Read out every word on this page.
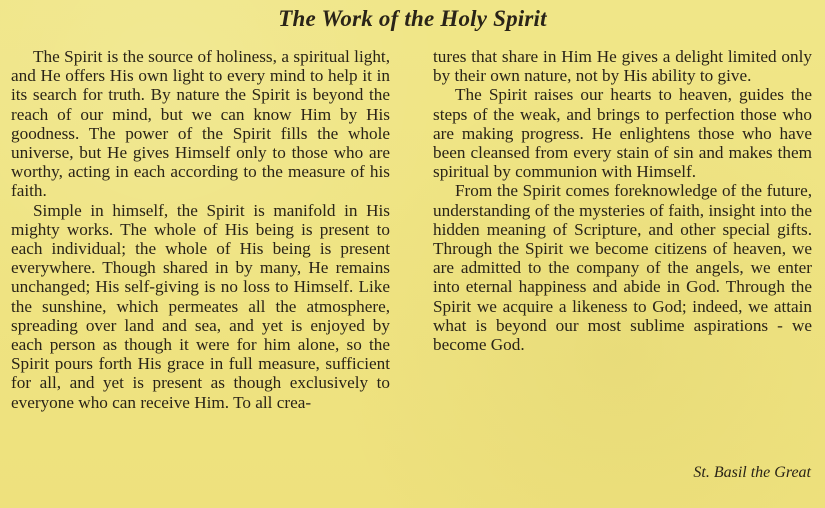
The Work of the Holy Spirit

The Spirit is the source of holiness, a spiritual light, and He offers His own light to every mind to help it in its search for truth. By nature the Spirit is beyond the reach of our mind, but we can know Him by His goodness. The power of the Spirit fills the whole universe, but He gives Himself only to those who are worthy, acting in each according to the measure of his faith.

Simple in himself, the Spirit is manifold in His mighty works. The whole of His being is present to each individual; the whole of His being is present everywhere. Though shared in by many, He remains unchanged; His self-giving is no loss to Himself. Like the sunshine, which permeates all the atmosphere, spreading over land and sea, and yet is enjoyed by each person as though it were for him alone, so the Spirit pours forth His grace in full measure, sufficient for all, and yet is present as though exclusively to everyone who can receive Him. To all crea-

tures that share in Him He gives a delight limited only by their own nature, not by His ability to give.

The Spirit raises our hearts to heaven, guides the steps of the weak, and brings to perfection those who are making progress. He enlightens those who have been cleansed from every stain of sin and makes them spiritual by communion with Himself.

From the Spirit comes foreknowledge of the future, understanding of the mysteries of faith, insight into the hidden meaning of Scripture, and other special gifts. Through the Spirit we become citizens of heaven, we are admitted to the company of the angels, we enter into eternal happiness and abide in God. Through the Spirit we acquire a likeness to God; indeed, we attain what is beyond our most sublime aspirations - we become God.

St. Basil the Great
